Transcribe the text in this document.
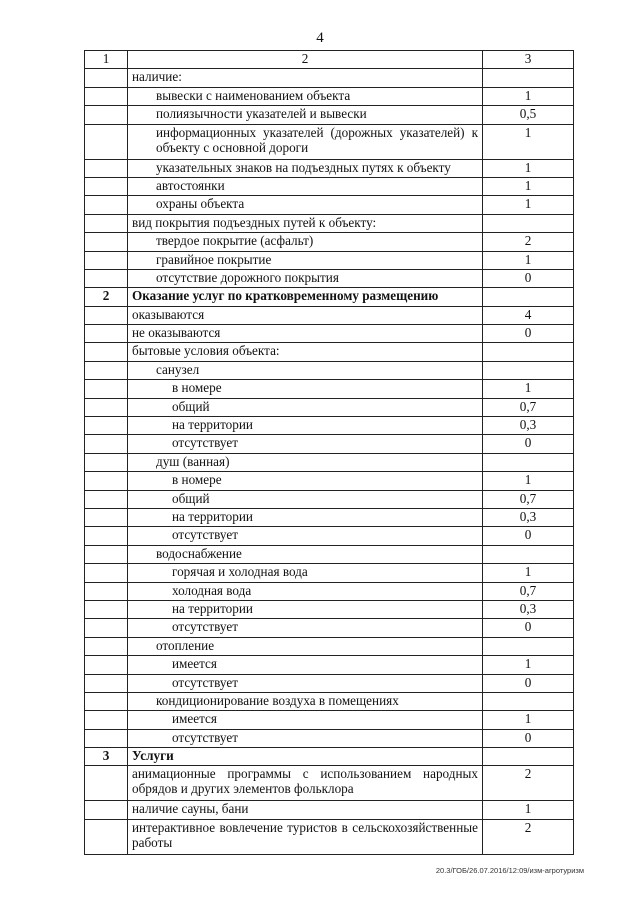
4
1	2	3
	наличие:	
	вывески с наименованием объекта	1
	полиязычности указателей и вывески	0,5
	информационных указателей (дорожных указателей) к объекту с основной дороги	1
	указательных знаков на подъездных путях к объекту	1
	автостоянки	1
	охраны объекта	1
	вид покрытия подъездных путей к объекту:	
	твердое покрытие (асфальт)	2
	гравийное покрытие	1
	отсутствие дорожного покрытия	0
2	Оказание услуг по кратковременному размещению	
	оказываются	4
	не оказываются	0
	бытовые условия объекта:	
	санузел	
	в номере	1
	общий	0,7
	на территории	0,3
	отсутствует	0
	душ (ванная)	
	в номере	1
	общий	0,7
	на территории	0,3
	отсутствует	0
	водоснабжение	
	горячая и холодная вода	1
	холодная вода	0,7
	на территории	0,3
	отсутствует	0
	отопление	
	имеется	1
	отсутствует	0
	кондиционирование воздуха в помещениях	
	имеется	1
	отсутствует	0
3	Услуги	
	анимационные программы с использованием народных обрядов и других элементов фольклора	2
	наличие сауны, бани	1
	интерактивное вовлечение туристов в сельскохозяйственные работы	2
20.3/ГОБ/26.07.2016/12:09/изм-агротуризм
